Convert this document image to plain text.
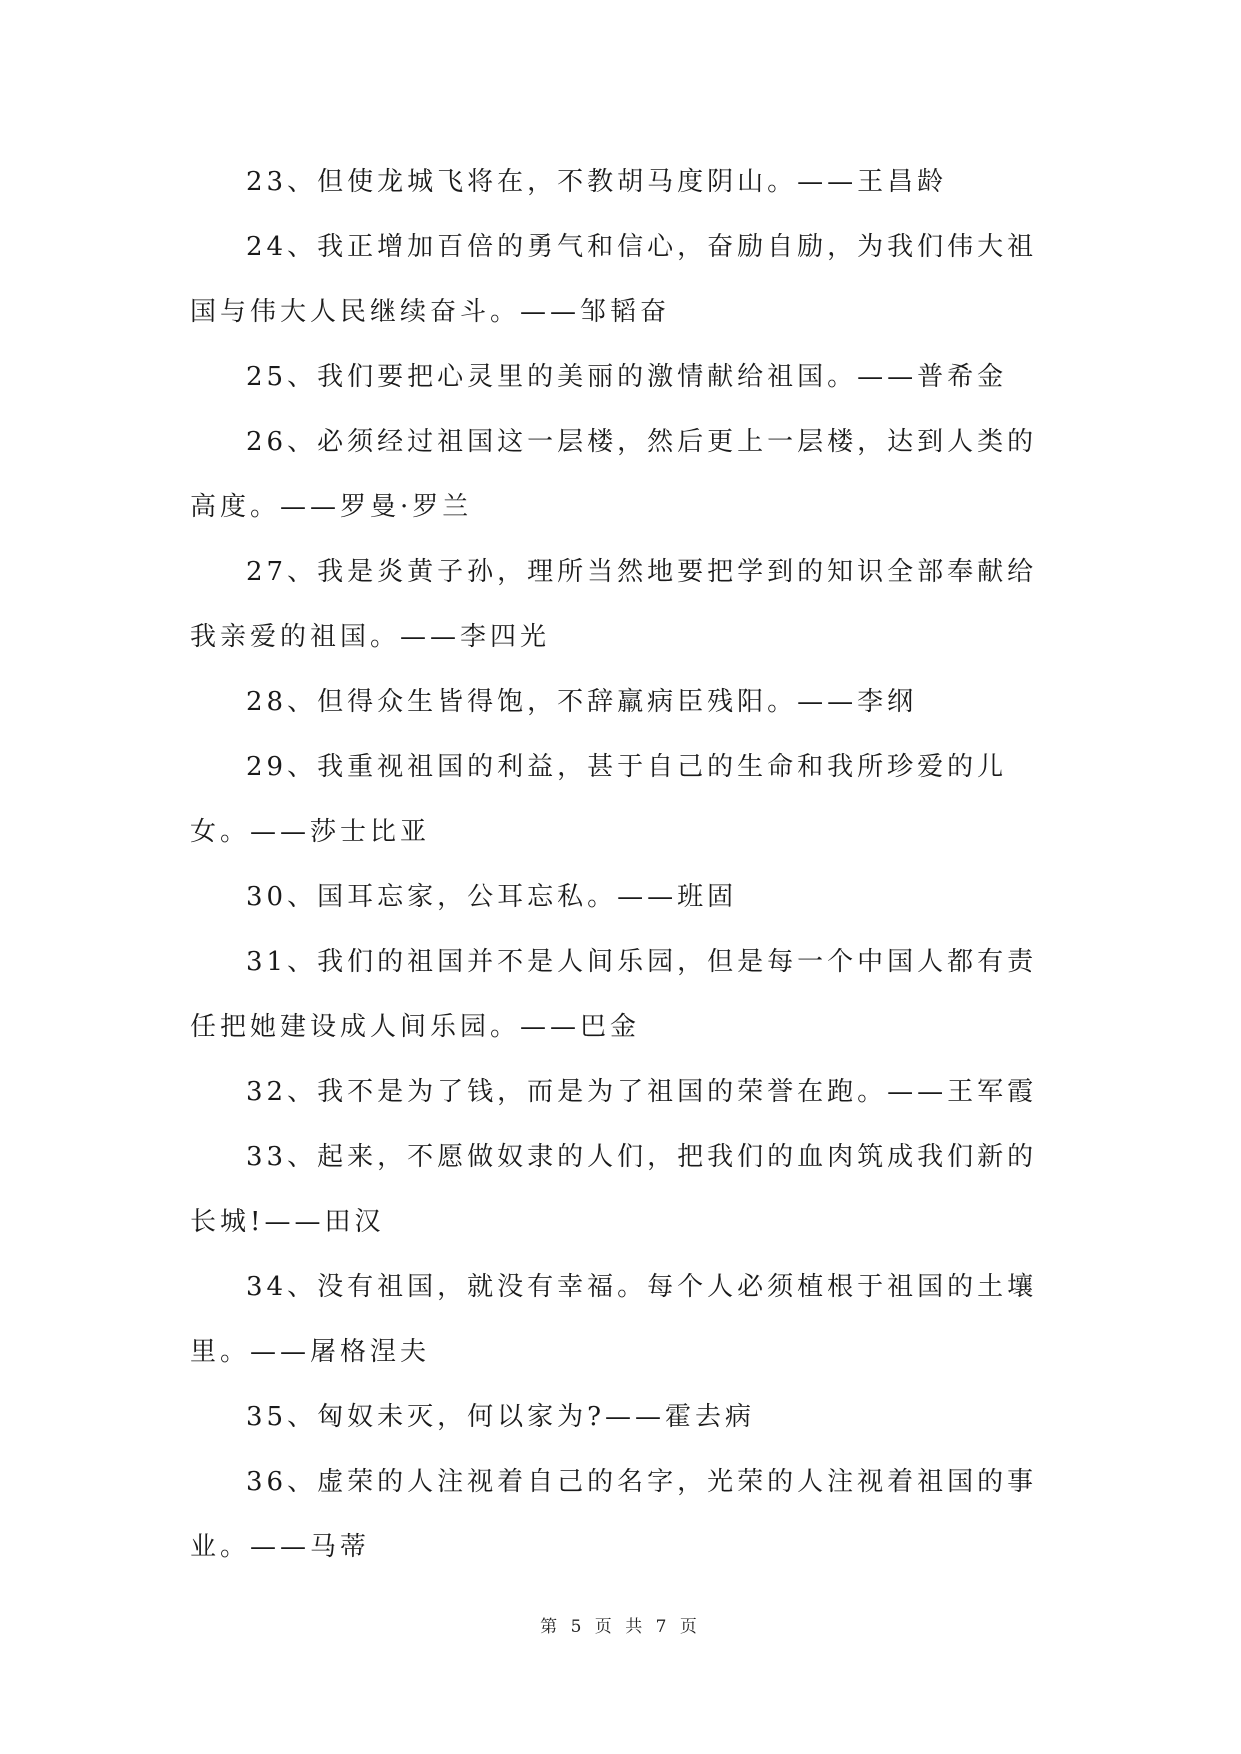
23、但使龙城飞将在，不教胡马度阴山。——王昌龄

24、我正增加百倍的勇气和信心，奋励自励，为我们伟大祖国与伟大人民继续奋斗。——邹韬奋

25、我们要把心灵里的美丽的激情献给祖国。——普希金

26、必须经过祖国这一层楼，然后更上一层楼，达到人类的高度。——罗曼·罗兰

27、我是炎黄子孙，理所当然地要把学到的知识全部奉献给我亲爱的祖国。——李四光

28、但得众生皆得饱，不辞羸病臣残阳。——李纲

29、我重视祖国的利益，甚于自己的生命和我所珍爱的儿女。——莎士比亚

30、国耳忘家，公耳忘私。——班固

31、我们的祖国并不是人间乐园，但是每一个中国人都有责任把她建设成人间乐园。——巴金

32、我不是为了钱，而是为了祖国的荣誉在跑。——王军霞

33、起来，不愿做奴隶的人们，把我们的血肉筑成我们新的长城!——田汉

34、没有祖国，就没有幸福。每个人必须植根于祖国的土壤里。——屠格涅夫

35、匈奴未灭，何以家为?——霍去病

36、虚荣的人注视着自己的名字，光荣的人注视着祖国的事业。——马蒂

第 5 页 共 7 页
